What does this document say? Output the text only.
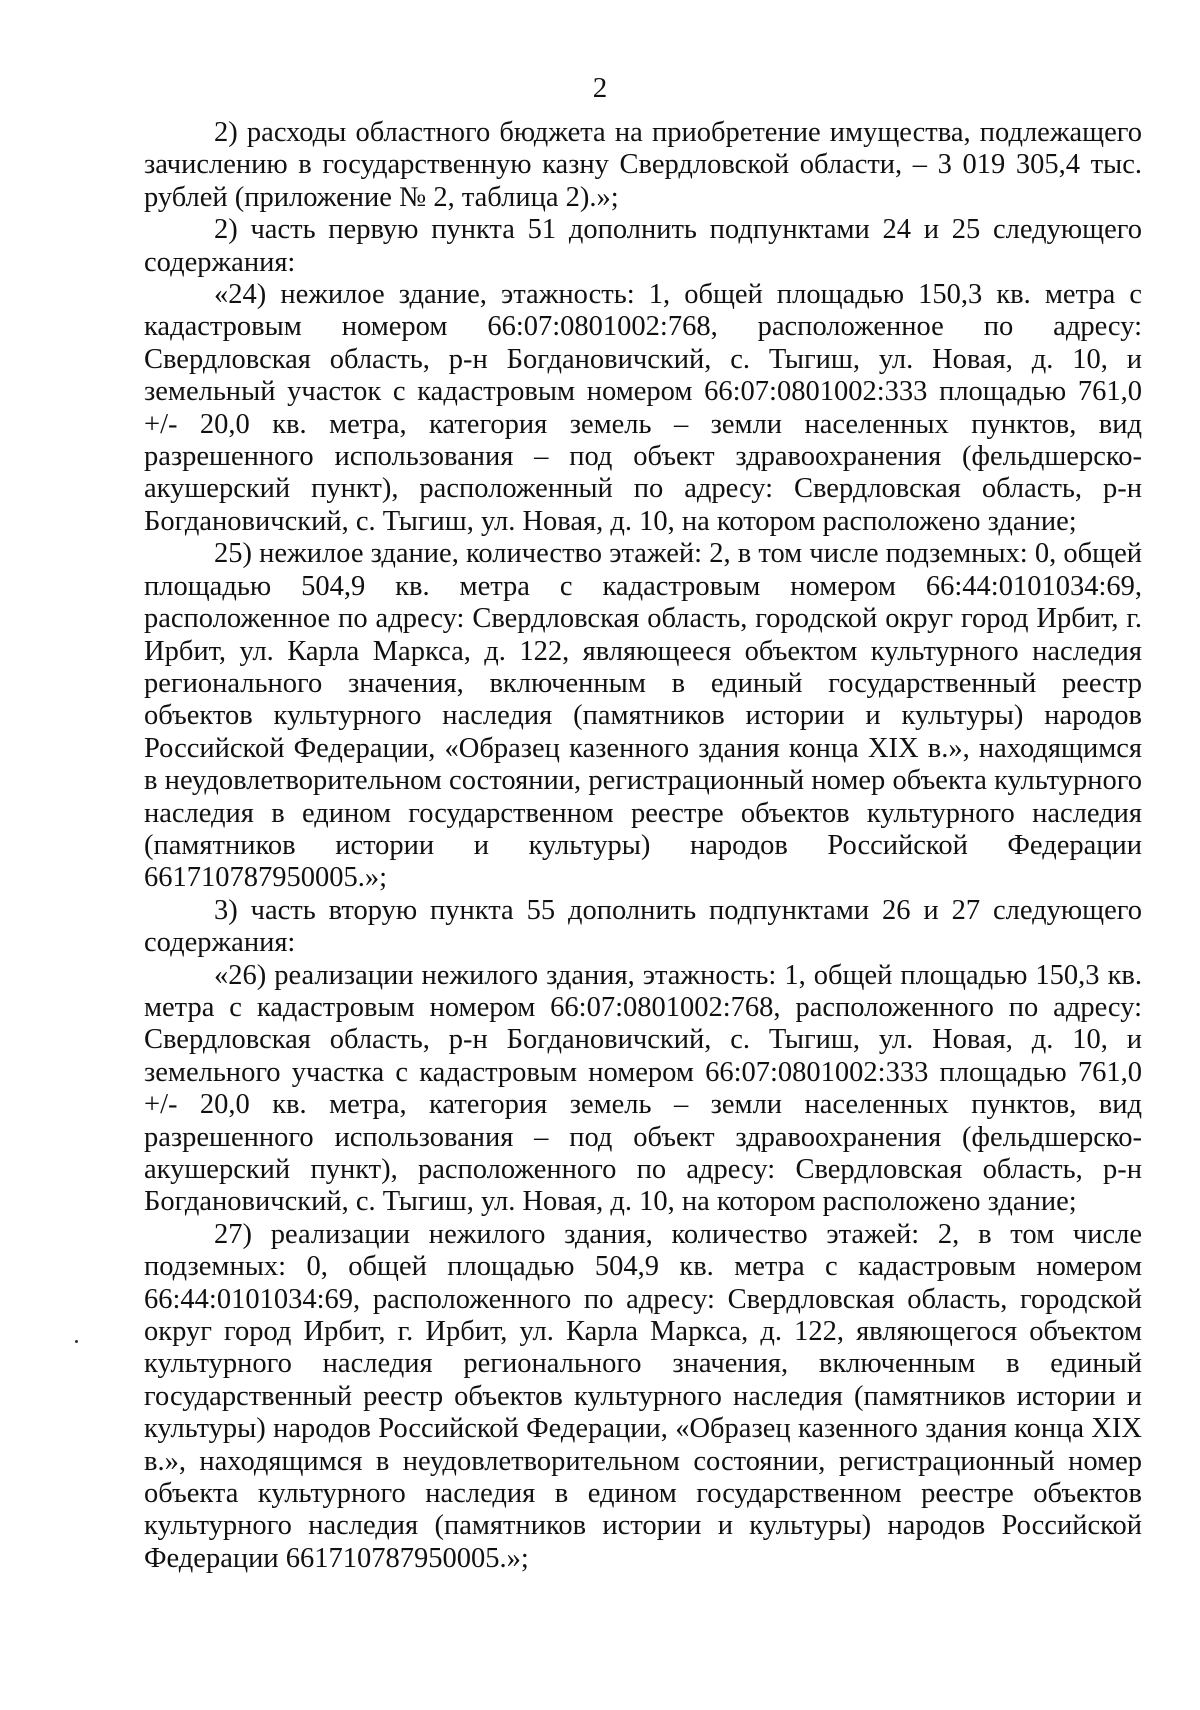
2

2) расходы областного бюджета на приобретение имущества, подлежащего зачислению в государственную казну Свердловской области, – 3 019 305,4 тыс. рублей (приложение № 2, таблица 2).»;

2) часть первую пункта 51 дополнить подпунктами 24 и 25 следующего содержания:

«24) нежилое здание, этажность: 1, общей площадью 150,3 кв. метра с кадастровым номером 66:07:0801002:768, расположенное по адресу: Свердловская область, р-н Богдановичский, с. Тыгиш, ул. Новая, д. 10, и земельный участок с кадастровым номером 66:07:0801002:333 площадью 761,0 +/- 20,0 кв. метра, категория земель – земли населенных пунктов, вид разрешенного использования – под объект здравоохранения (фельдшерско-акушерский пункт), расположенный по адресу: Свердловская область, р-н Богдановичский, с. Тыгиш, ул. Новая, д. 10, на котором расположено здание;

25) нежилое здание, количество этажей: 2, в том числе подземных: 0, общей площадью 504,9 кв. метра с кадастровым номером 66:44:0101034:69, расположенное по адресу: Свердловская область, городской округ город Ирбит, г. Ирбит, ул. Карла Маркса, д. 122, являющееся объектом культурного наследия регионального значения, включенным в единый государственный реестр объектов культурного наследия (памятников истории и культуры) народов Российской Федерации, «Образец казенного здания конца XIX в.», находящимся в неудовлетворительном состоянии, регистрационный номер объекта культурного наследия в едином государственном реестре объектов культурного наследия (памятников истории и культуры) народов Российской Федерации 661710787950005.»;

3) часть вторую пункта 55 дополнить подпунктами 26 и 27 следующего содержания:

«26) реализации нежилого здания, этажность: 1, общей площадью 150,3 кв. метра с кадастровым номером 66:07:0801002:768, расположенного по адресу: Свердловская область, р-н Богдановичский, с. Тыгиш, ул. Новая, д. 10, и земельного участка с кадастровым номером 66:07:0801002:333 площадью 761,0 +/- 20,0 кв. метра, категория земель – земли населенных пунктов, вид разрешенного использования – под объект здравоохранения (фельдшерско-акушерский пункт), расположенного по адресу: Свердловская область, р-н Богдановичский, с. Тыгиш, ул. Новая, д. 10, на котором расположено здание;

27) реализации нежилого здания, количество этажей: 2, в том числе подземных: 0, общей площадью 504,9 кв. метра с кадастровым номером 66:44:0101034:69, расположенного по адресу: Свердловская область, городской округ город Ирбит, г. Ирбит, ул. Карла Маркса, д. 122, являющегося объектом культурного наследия регионального значения, включенным в единый государственный реестр объектов культурного наследия (памятников истории и культуры) народов Российской Федерации, «Образец казенного здания конца XIX в.», находящимся в неудовлетворительном состоянии, регистрационный номер объекта культурного наследия в едином государственном реестре объектов культурного наследия (памятников истории и культуры) народов Российской Федерации 661710787950005.»;
